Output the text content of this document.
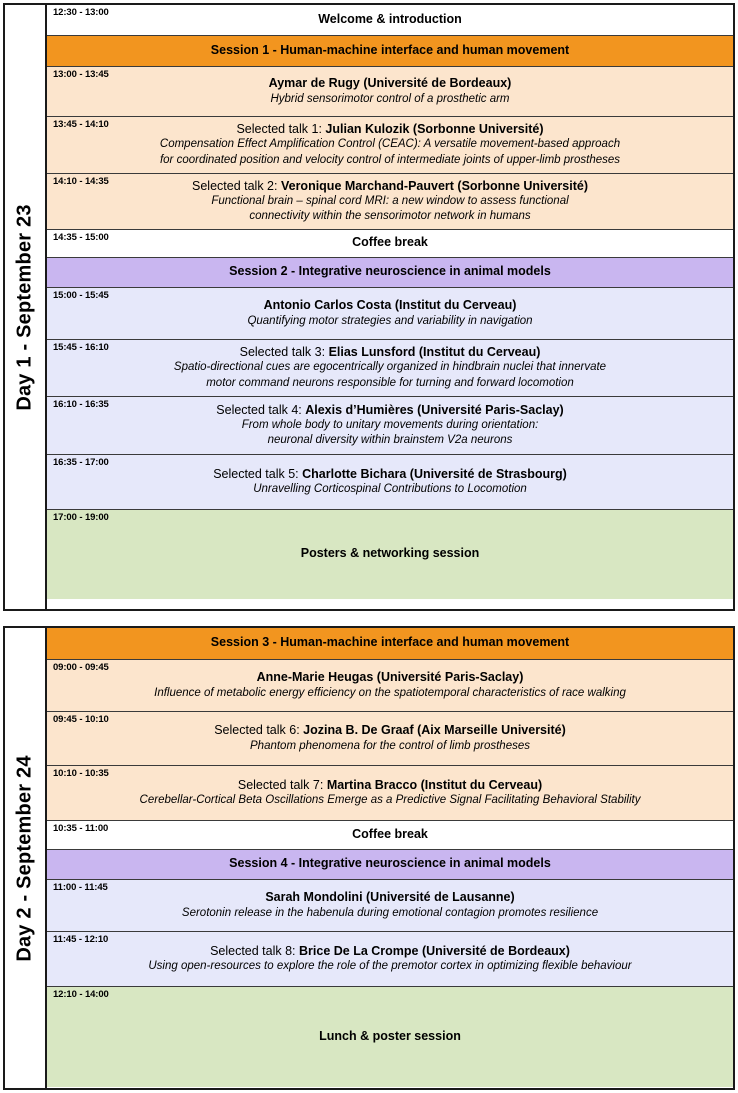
Day 1 - September 23
12:30 - 13:00	Welcome & introduction
Session 1 - Human-machine interface and human movement
13:00 - 13:45
Aymar de Rugy (Université de Bordeaux)
Hybrid sensorimotor control of a prosthetic arm
13:45 - 14:10	Selected talk 1: Julian Kulozik (Sorbonne Université)
Compensation Effect Amplification Control (CEAC): A versatile movement-based approach
for coordinated position and velocity control of intermediate joints of upper-limb prostheses
14:10 - 14:35	Selected talk 2: Veronique Marchand-Pauvert (Sorbonne Université)
Functional brain – spinal cord MRI: a new window to assess functional
connectivity within the sensorimotor network in humans
14:35 - 15:00	Coffee break
Session 2 - Integrative neuroscience in animal models
15:00 - 15:45
Antonio Carlos Costa (Institut du Cerveau)
Quantifying motor strategies and variability in navigation
15:45 - 16:10	Selected talk 3: Elias Lunsford (Institut du Cerveau)
Spatio-directional cues are egocentrically organized in hindbrain nuclei that innervate
motor command neurons responsible for turning and forward locomotion
16:10 - 16:35	Selected talk 4: Alexis d’Humières (Université Paris-Saclay)
From whole body to unitary movements during orientation:
neuronal diversity within brainstem V2a neurons
16:35 - 17:00
Selected talk 5: Charlotte Bichara (Université de Strasbourg)
Unravelling Corticospinal Contributions to Locomotion
17:00 - 19:00
Posters & networking session
Day 2 - September 24
Session 3 - Human-machine interface and human movement
09:00 - 09:45
Anne-Marie Heugas (Université Paris-Saclay)
Influence of metabolic energy efficiency on the spatiotemporal characteristics of race walking
09:45 - 10:10
Selected talk 6: Jozina B. De Graaf (Aix Marseille Université)
Phantom phenomena for the control of limb prostheses
10:10 - 10:35
Selected talk 7: Martina Bracco (Institut du Cerveau)
Cerebellar-Cortical Beta Oscillations Emerge as a Predictive Signal Facilitating Behavioral Stability
10:35 - 11:00	Coffee break
Session 4 - Integrative neuroscience in animal models
11:00 - 11:45
Sarah Mondolini (Université de Lausanne)
Serotonin release in the habenula during emotional contagion promotes resilience
11:45 - 12:10
Selected talk 8: Brice De La Crompe (Université de Bordeaux)
Using open-resources to explore the role of the premotor cortex in optimizing flexible behaviour
12:10 - 14:00
Lunch & poster session
